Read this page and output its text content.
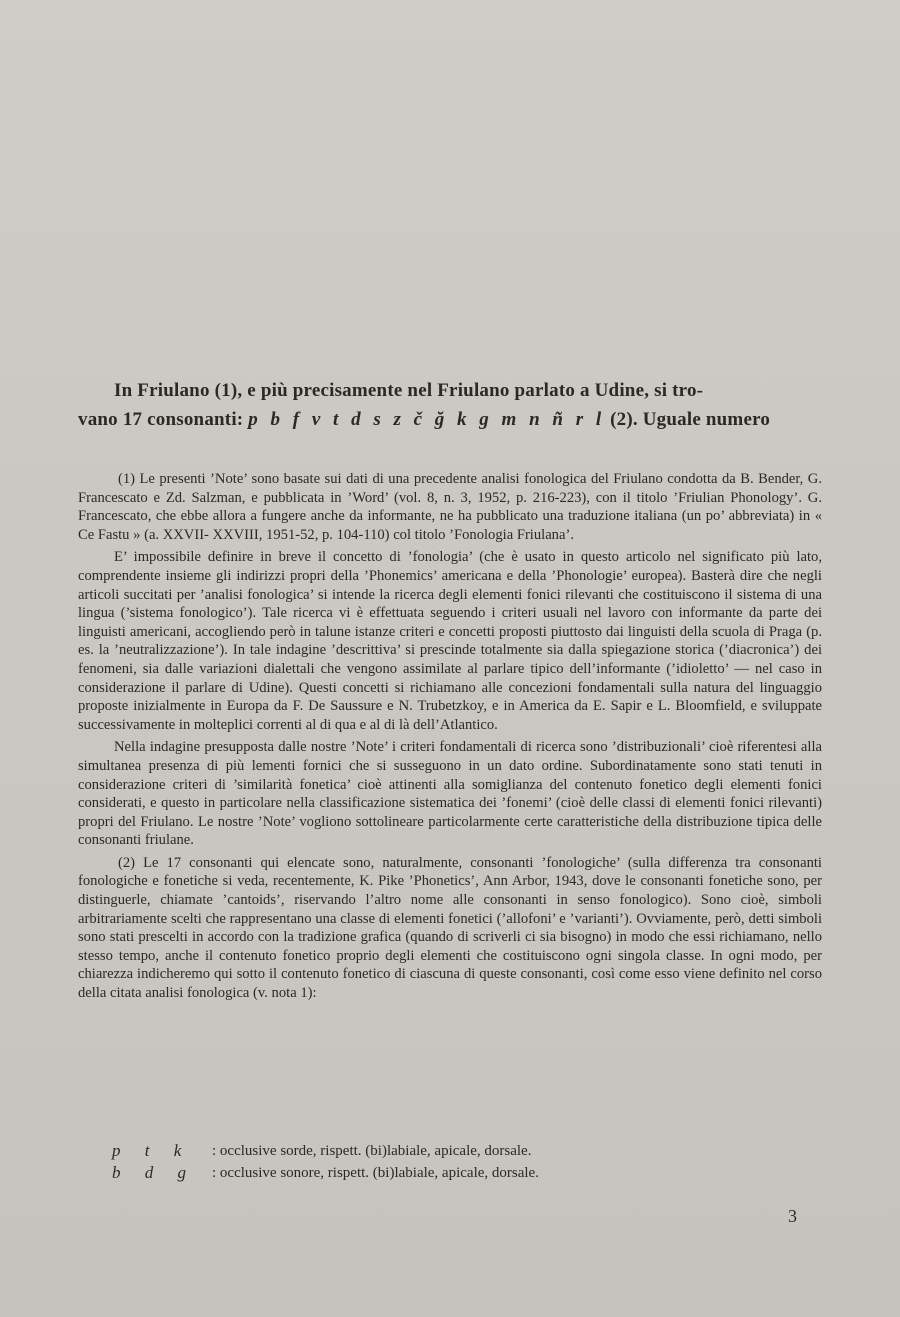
In Friulano (1), e più precisamente nel Friulano parlato a Udine, si tro-
vano 17 consonanti: p b f v t d s z č ğ k g m n ñ r l (2). Uguale numero

(1) Le presenti ’Note’ sono basate sui dati di una precedente analisi fonologica del Friulano condotta da B. Bender, G. Francescato e Zd. Salzman, e pubblicata in ’Word’ (vol. 8, n. 3, 1952, p. 216-223), con il titolo ’Friulian Phonology’. G. Francescato, che ebbe allora a fungere anche da informante, ne ha pubblicato una traduzione italiana (un po’ abbreviata) in « Ce Fastu » (a. XXVII- XXVIII, 1951-52, p. 104-110) col titolo ’Fonologia Friulana’.

E’ impossibile definire in breve il concetto di ’fonologia’ (che è usato in questo articolo nel significato più lato, comprendente insieme gli indirizzi propri della ’Phonemics’ americana e della ’Phonologie’ europea). Basterà dire che negli articoli succitati per ’analisi fonologica’ si intende la ricerca degli elementi fonici rilevanti che costituiscono il sistema di una lingua (’sistema fonologico’). Tale ricerca vi è effettuata seguendo i criteri usuali nel lavoro con informante da parte dei linguisti americani, accogliendo però in talune istanze criteri e concetti proposti piuttosto dai linguisti della scuola di Praga (p. es. la ’neutralizzazione’). In tale indagine ’descrittiva’ si prescinde totalmente sia dalla spiegazione storica (’diacronica’) dei fenomeni, sia dalle variazioni dialettali che vengono assimilate al parlare tipico dell’informante (’idioletto’ — nel caso in considerazione il parlare di Udine). Questi concetti si richiamano alle concezioni fondamentali sulla natura del linguaggio proposte inizialmente in Europa da F. De Saussure e N. Trubetzkoy, e in America da E. Sapir e L. Bloomfield, e sviluppate successivamente in molteplici correnti al di qua e al di là dell’Atlantico.

Nella indagine presupposta dalle nostre ’Note’ i criteri fondamentali di ricerca sono ’distribuzionali’ cioè riferentesi alla simultanea presenza di più lementi fornici che si susseguono in un dato ordine. Subordinatamente sono stati tenuti in considerazione criteri di ’similarità fonetica’ cioè attinenti alla somiglianza del contenuto fonetico degli elementi fonici considerati, e questo in particolare nella classificazione sistematica dei ’fonemi’ (cioè delle classi di elementi fonici rilevanti) propri del Friulano. Le nostre ’Note’ vogliono sottolineare particolarmente certe caratteristiche della distribuzione tipica delle consonanti friulane.

(2) Le 17 consonanti qui elencate sono, naturalmente, consonanti ’fonologiche’ (sulla differenza tra consonanti fonologiche e fonetiche si veda, recentemente, K. Pike ’Phonetics’, Ann Arbor, 1943, dove le consonanti fonetiche sono, per distinguerle, chiamate ’cantoids’, riservando l’altro nome alle consonanti in senso fonologico). Sono cioè, simboli arbitrariamente scelti che rappresentano una classe di elementi fonetici (’allofoni’ e ’varianti’). Ovviamente, però, detti simboli sono stati prescelti in accordo con la tradizione grafica (quando di scriverli ci sia bisogno) in modo che essi richiamano, nello stesso tempo, anche il contenuto fonetico proprio degli elementi che costituiscono ogni singola classe. In ogni modo, per chiarezza indicheremo qui sotto il contenuto fonetico di ciascuna di queste consonanti, così come esso viene definito nel corso della citata analisi fonologica (v. nota 1):

p t k	: occlusive sorde, rispett. (bi)labiale, apicale, dorsale.
b d g	: occlusive sonore, rispett. (bi)labiale, apicale, dorsale.
3
